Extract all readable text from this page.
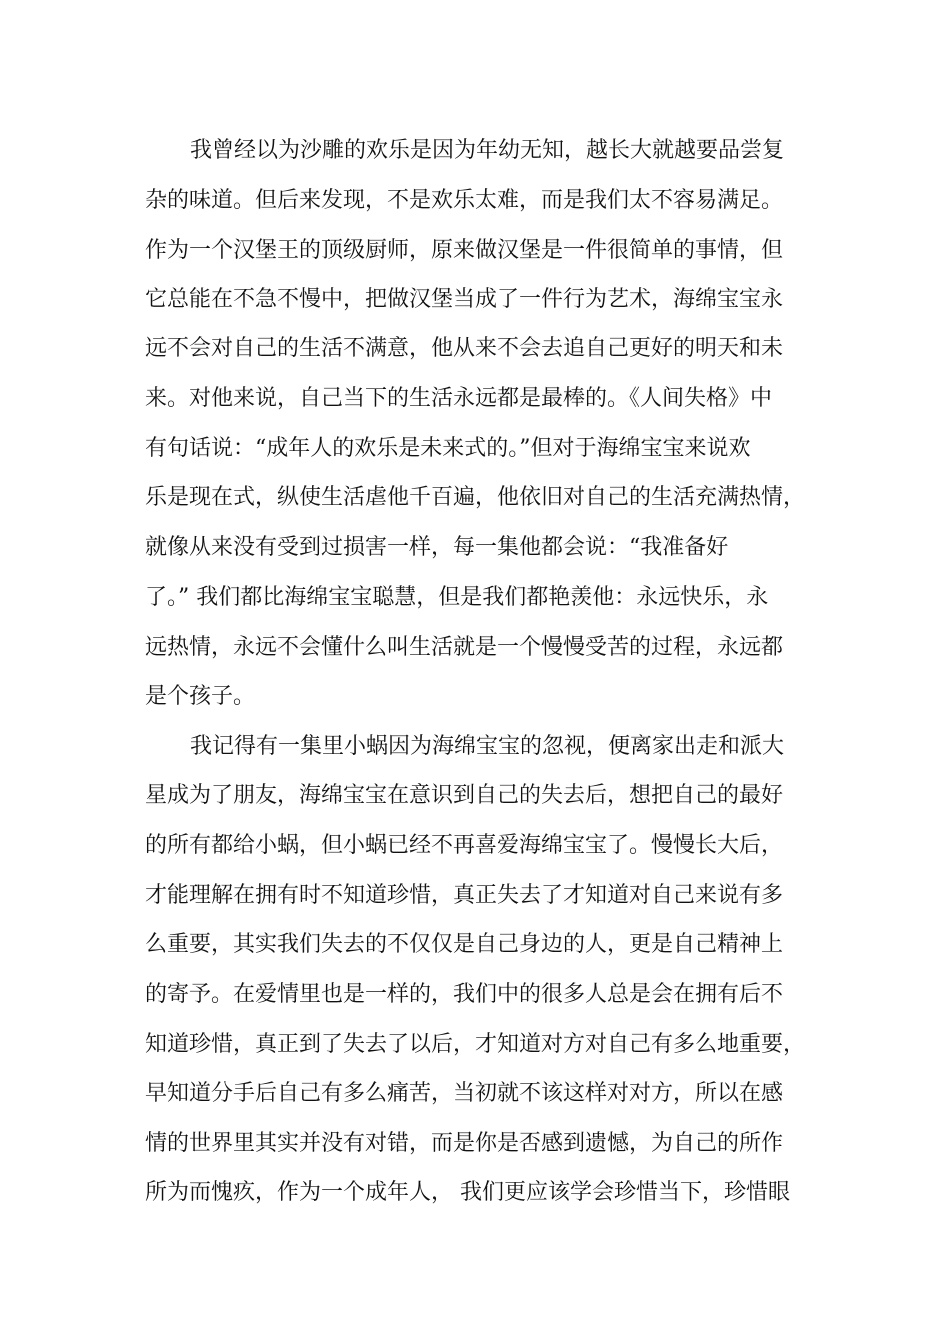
我曾经以为沙雕的欢乐是因为年幼无知，越长大就越要品尝复
杂的味道。但后来发现，不是欢乐太难，而是我们太不容易满足。
作为一个汉堡王的顶级厨师，原来做汉堡是一件很简单的事情，但
它总能在不急不慢中，把做汉堡当成了一件行为艺术，海绵宝宝永
远不会对自己的生活不满意，他从来不会去追自己更好的明天和未
来。对他来说，自己当下的生活永远都是最棒的。《人间失格》中
有句话说：“成年人的欢乐是未来式的。”但对于海绵宝宝来说欢
乐是现在式，纵使生活虐他千百遍，他依旧对自己的生活充满热情，
就像从来没有受到过损害一样，每一集他都会说：“我准备好
了。” 我们都比海绵宝宝聪慧，但是我们都艳羡他：永远快乐，永
远热情，永远不会懂什么叫生活就是一个慢慢受苦的过程，永远都
是个孩子。
我记得有一集里小蜗因为海绵宝宝的忽视，便离家出走和派大
星成为了朋友，海绵宝宝在意识到自己的失去后，想把自己的最好
的所有都给小蜗，但小蜗已经不再喜爱海绵宝宝了。慢慢长大后，
才能理解在拥有时不知道珍惜，真正失去了才知道对自己来说有多
么重要，其实我们失去的不仅仅是自己身边的人，更是自己精神上
的寄予。在爱情里也是一样的，我们中的很多人总是会在拥有后不
知道珍惜，真正到了失去了以后，才知道对方对自己有多么地重要，
早知道分手后自己有多么痛苦，当初就不该这样对对方，所以在感
情的世界里其实并没有对错，而是你是否感到遗憾，为自己的所作
所为而愧疚，作为一个成年人， 我们更应该学会珍惜当下，珍惜眼
